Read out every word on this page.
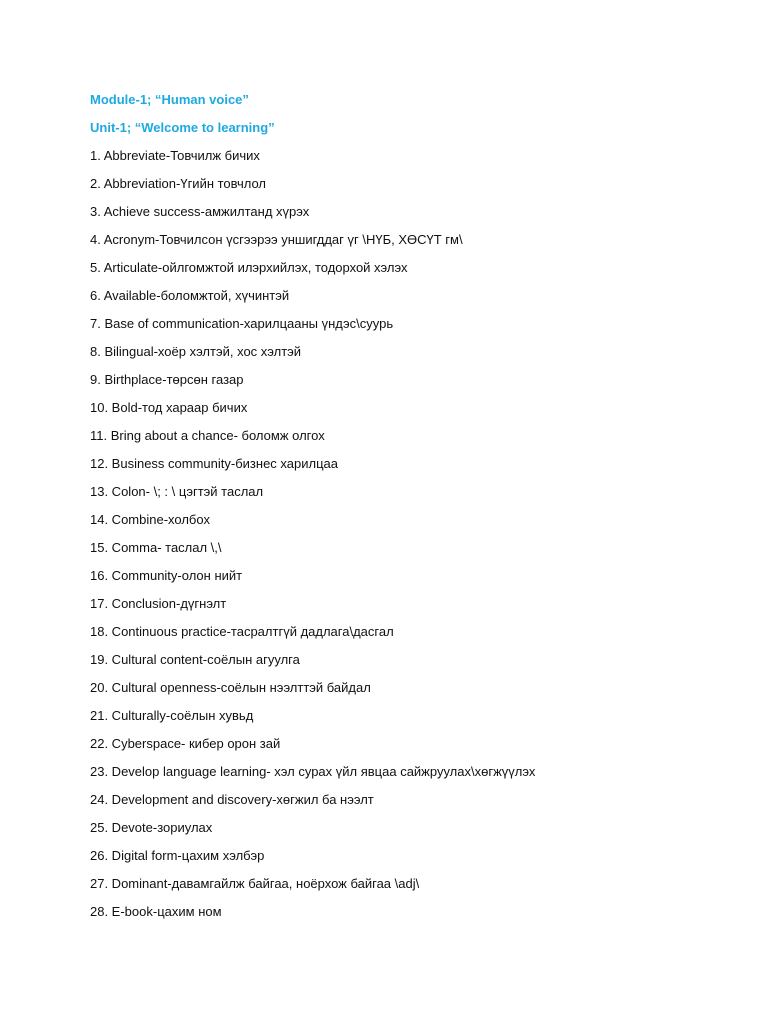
Module-1; “Human voice”
Unit-1; “Welcome to learning”
1. Abbreviate-Товчилж бичих
2. Abbreviation-Үгийн товчлол
3. Achieve success-амжилтанд хүрэх
4. Acronym-Товчилсон үсгээрээ уншигддаг үг \НҮБ, ХӨСҮТ гм\
5. Articulate-ойлгомжтой илэрхийлэх, тодорхой хэлэх
6. Available-боломжтой, хүчинтэй
7. Base of communication-харилцааны үндэс\суурь
8. Bilingual-хоёр хэлтэй, хос хэлтэй
9. Birthplace-төрсөн газар
10. Bold-тод хараар бичих
11. Bring about a chance- боломж олгох
12. Business community-бизнес харилцаа
13. Colon- \; : \ цэгтэй таслал
14. Combine-холбох
15. Comma- таслал \,\
16. Community-олон нийт
17. Conclusion-дүгнэлт
18. Continuous practice-тасралтгүй дадлага\дасгал
19. Cultural content-соёлын агуулга
20. Cultural openness-соёлын нээлттэй байдал
21. Culturally-соёлын хувьд
22. Cyberspace- кибер орон зай
23. Develop language learning- хэл сурах үйл явцаа сайжруулах\хөгжүүлэх
24. Development and discovery-хөгжил ба нээлт
25. Devote-зориулах
26. Digital form-цахим хэлбэр
27. Dominant-давамгайлж байгаа, ноёрхож байгаа \adj\
28. E-book-цахим ном
